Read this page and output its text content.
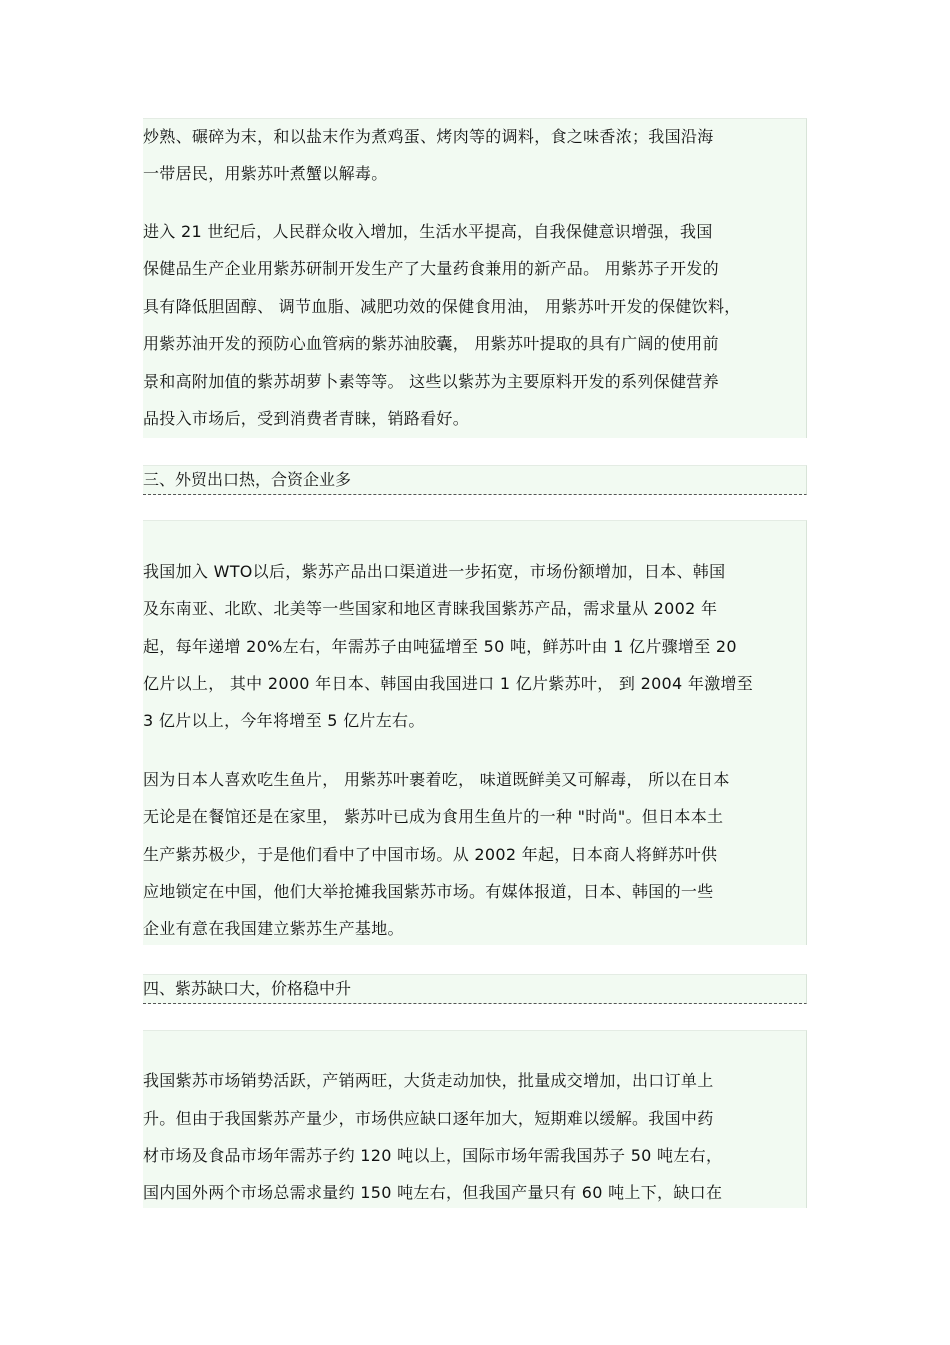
炒熟、碾碎为末，和以盐末作为煮鸡蛋、烤肉等的调料，食之味香浓；我国沿海
一带居民，用紫苏叶煮蟹以解毒。
进入 21 世纪后，人民群众收入增加，生活水平提高，自我保健意识增强，我国
保健品生产企业用紫苏研制开发生产了大量药食兼用的新产品。 用紫苏子开发的
具有降低胆固醇、 调节血脂、减肥功效的保健食用油， 用紫苏叶开发的保健饮料，
用紫苏油开发的预防心血管病的紫苏油胶囊， 用紫苏叶提取的具有广阔的使用前
景和高附加值的紫苏胡萝卜素等等。 这些以紫苏为主要原料开发的系列保健营养
品投入市场后，受到消费者青睐，销路看好。
三、外贸出口热，合资企业多
我国加入 WTO以后，紫苏产品出口渠道进一步拓宽，市场份额增加，日本、韩国
及东南亚、北欧、北美等一些国家和地区青睐我国紫苏产品，需求量从 2002 年
起，每年递增 20%左右，年需苏子由吨猛增至 50 吨，鲜苏叶由 1 亿片骤增至 20
亿片以上， 其中 2000 年日本、韩国由我国进口 1 亿片紫苏叶， 到 2004 年激增至
3 亿片以上，今年将增至 5 亿片左右。
因为日本人喜欢吃生鱼片， 用紫苏叶裹着吃， 味道既鲜美又可解毒， 所以在日本
无论是在餐馆还是在家里， 紫苏叶已成为食用生鱼片的一种 "时尚"。但日本本土
生产紫苏极少，于是他们看中了中国市场。从 2002 年起，日本商人将鲜苏叶供
应地锁定在中国，他们大举抢摊我国紫苏市场。有媒体报道，日本、韩国的一些
企业有意在我国建立紫苏生产基地。
四、紫苏缺口大，价格稳中升
我国紫苏市场销势活跃，产销两旺，大货走动加快，批量成交增加，出口订单上
升。但由于我国紫苏产量少，市场供应缺口逐年加大，短期难以缓解。我国中药
材市场及食品市场年需苏子约 120 吨以上，国际市场年需我国苏子 50 吨左右，
国内国外两个市场总需求量约 150 吨左右，但我国产量只有 60 吨上下，缺口在
